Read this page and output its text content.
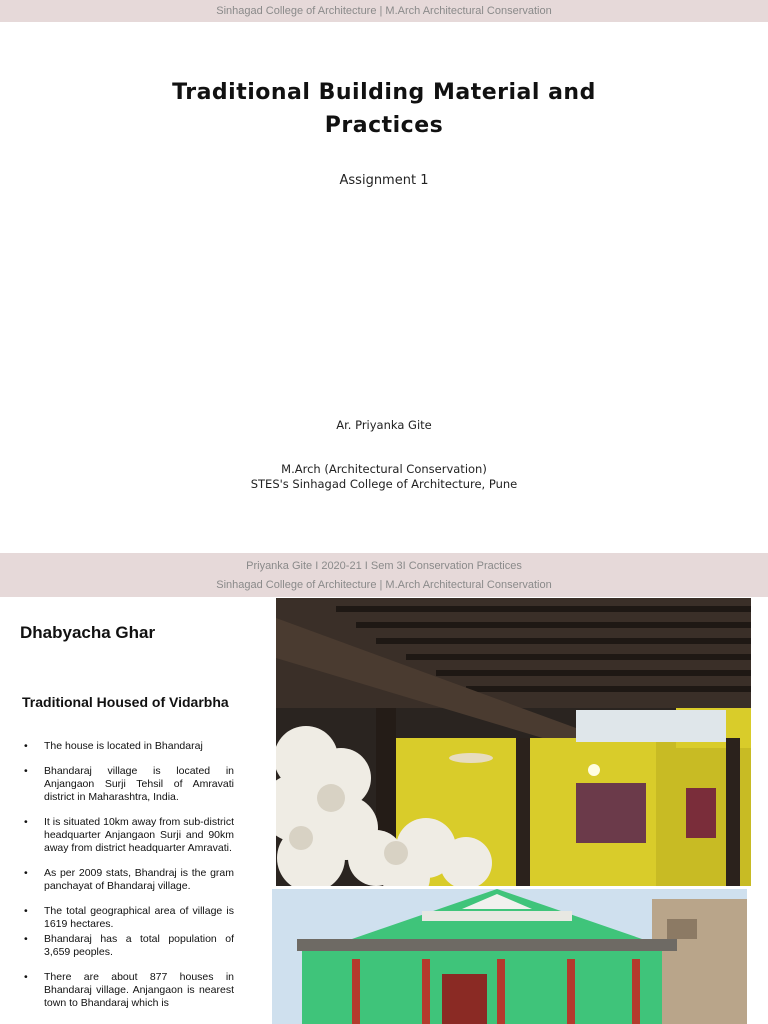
Sinhagad College of Architecture | M.Arch Architectural Conservation
Traditional Building Material and
Practices
Assignment 1
Ar. Priyanka Gite
M.Arch (Architectural Conservation)
STES's Sinhagad College of Architecture, Pune
Priyanka Gite I 2020-21 I Sem 3I Conservation Practices
Sinhagad College of Architecture | M.Arch Architectural Conservation
Dhabyacha Ghar
Traditional Housed of Vidarbha
• The house is located in Bhandaraj
• Bhandaraj village is located in Anjangaon Surji Tehsil of Amravati district in Maharashtra, India.
• It is situated 10km away from sub-district headquarter Anjangaon Surji and 90km away from district headquarter Amravati.
• As per 2009 stats, Bhandraj is the gram panchayat of Bhandaraj village.
• The total geographical area of village is 1619 hectares.
• Bhandaraj has a total population of 3,659 peoples.
• There are about 877 houses in Bhandaraj village. Anjangaon is nearest town to Bhandaraj which is
